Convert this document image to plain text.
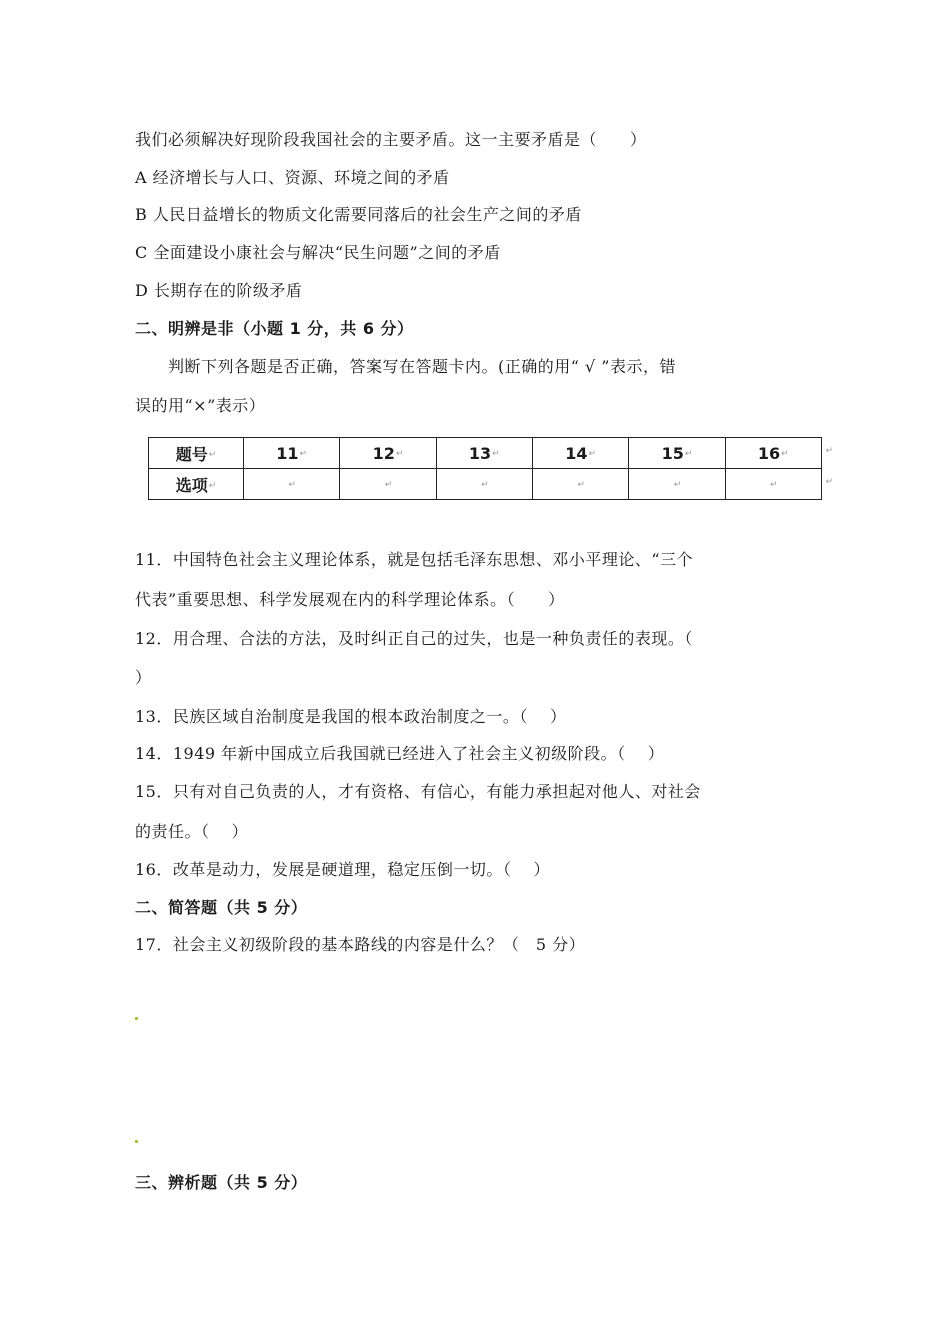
我们必须解决好现阶段我国社会的主要矛盾。这一主要矛盾是（　　）
A 经济增长与人口、资源、环境之间的矛盾
B 人民日益增长的物质文化需要同落后的社会生产之间的矛盾
C 全面建设小康社会与解决“民生问题”之间的矛盾
D 长期存在的阶级矛盾
二、明辨是非（小题 1 分，共 6 分）
判断下列各题是否正确，答案写在答题卡内。(正确的用“ √ ”表示，错
误的用“×”表示）
题号↵	11↵	12↵	13↵	14↵	15↵	16↵ ↵

选项↵	↵	↵	↵	↵	↵	↵ ↵
11．中国特色社会主义理论体系，就是包括毛泽东思想、邓小平理论、“三个
代表”重要思想、科学发展观在内的科学理论体系。（　　）
12．用合理、合法的方法，及时纠正自己的过失，也是一种负责任的表现。（
）
13．民族区域自治制度是我国的根本政治制度之一。（　 ）
14．1949 年新中国成立后我国就已经进入了社会主义初级阶段。（　 ）
15．只有对自己负责的人，才有资格、有信心，有能力承担起对他人、对社会
的责任。（　 ）
16．改革是动力，发展是硬道理，稳定压倒一切。（　 ）
二、简答题（共 5 分）
17．社会主义初级阶段的基本路线的内容是什么？（　5 分）
三、辨析题（共 5 分）
